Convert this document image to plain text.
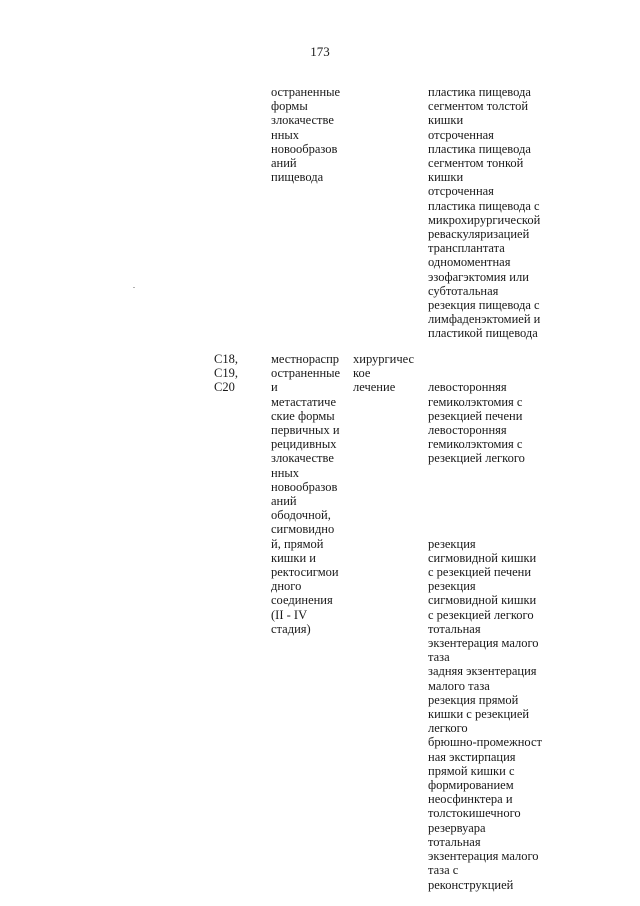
173
остраненные
формы
злокачестве
нных
новообразов
аний
пищевода
пластика пищевода
сегментом толстой
кишки
отсроченная
пластика пищевода
сегментом тонкой
кишки
отсроченная
пластика пищевода с
микрохирургической
реваскуляризацией
трансплантата
одномоментная
эзофагэктомия или
субтотальная
резекция пищевода с
лимфаденэктомией и
пластикой пищевода
C18,
C19,
C20
местнораспр
остраненные
и
метастатиче
ские формы
первичных и
рецидивных
злокачестве
нных
новообразов
аний
ободочной,
сигмовидно
й, прямой
кишки и
ректосигмои
дного
соединения
(II - IV
стадия)
хирургичес
кое
лечение

	левосторонняя
гемиколэктомия с
резекцией печени
левосторонняя
гемиколэктомия с
резекцией легкого

резекция
сигмовидной кишки
с резекцией печени
резекция
сигмовидной кишки
с резекцией легкого
тотальная
экзентерация малого
таза
задняя экзентерация
малого таза
резекция прямой
кишки с резекцией
легкого
брюшно-промежност
ная экстирпация
прямой кишки с
формированием
неосфинктера и
толстокишечного
резервуара
тотальная
экзентерация малого
таза с
реконструкцией
